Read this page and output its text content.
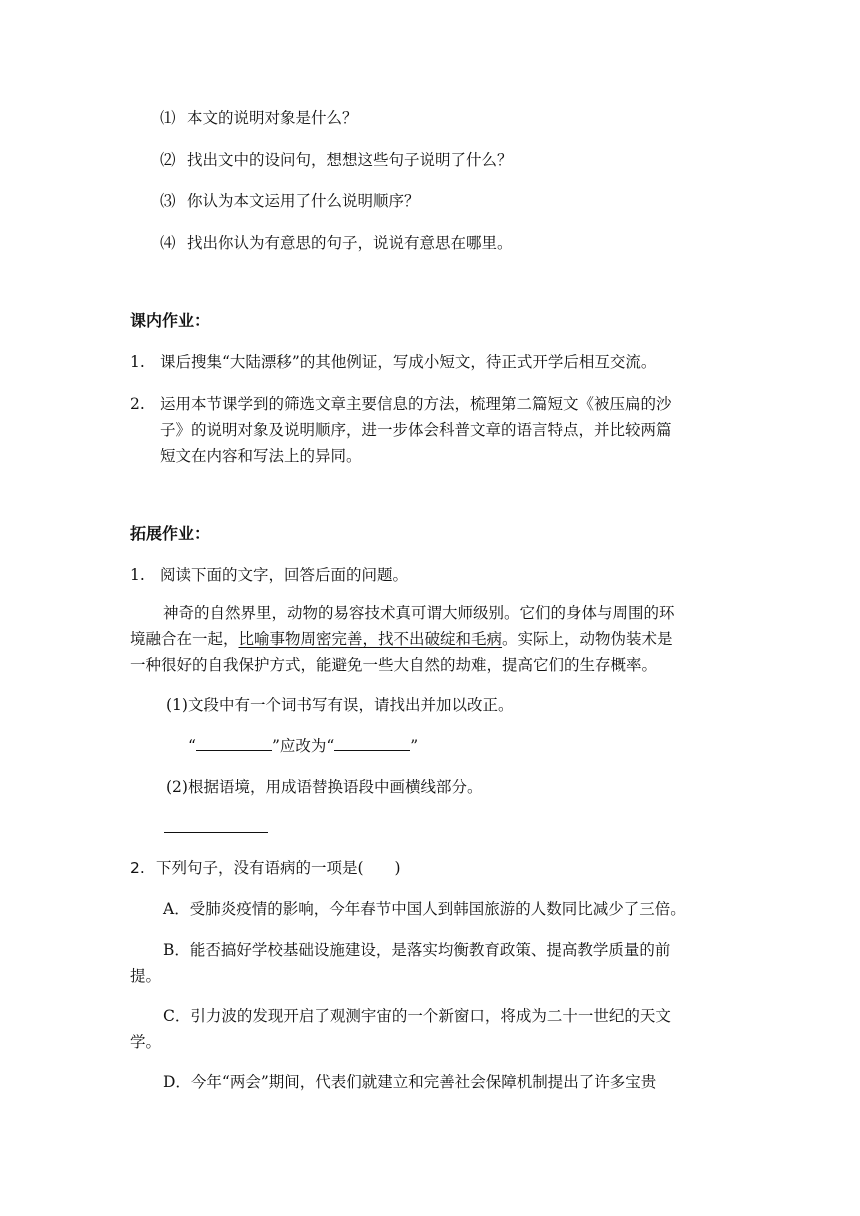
⑴ 本文的说明对象是什么？
⑵ 找出文中的设问句，想想这些句子说明了什么？
⑶ 你认为本文运用了什么说明顺序？
⑷ 找出你认为有意思的句子，说说有意思在哪里。
课内作业：
1. 课后搜集“大陆漂移”的其他例证，写成小短文，待正式开学后相互交流。
2. 运用本节课学到的筛选文章主要信息的方法，梳理第二篇短文《被压扁的沙
子》的说明对象及说明顺序，进一步体会科普文章的语言特点，并比较两篇
短文在内容和写法上的异同。
拓展作业：
1. 阅读下面的文字，回答后面的问题。
神奇的自然界里，动物的易容技术真可谓大师级别。它们的身体与周围的环
境融合在一起，比喻事物周密完善，找不出破绽和毛病。实际上，动物伪装术是
一种很好的自我保护方式，能避免一些大自然的劫难，提高它们的生存概率。
(1)文段中有一个词书写有误，请找出并加以改正。
“	”应改为“	”
(2)根据语境，用成语替换语段中画横线部分。
2. 下列句子，没有语病的一项是(　　)
A．受肺炎疫情的影响，今年春节中国人到韩国旅游的人数同比减少了三倍。
B．能否搞好学校基础设施建设，是落实均衡教育政策、提高教学质量的前
提。
C．引力波的发现开启了观测宇宙的一个新窗口，将成为二十一世纪的天文
学。
D．今年“两会”期间，代表们就建立和完善社会保障机制提出了许多宝贵
